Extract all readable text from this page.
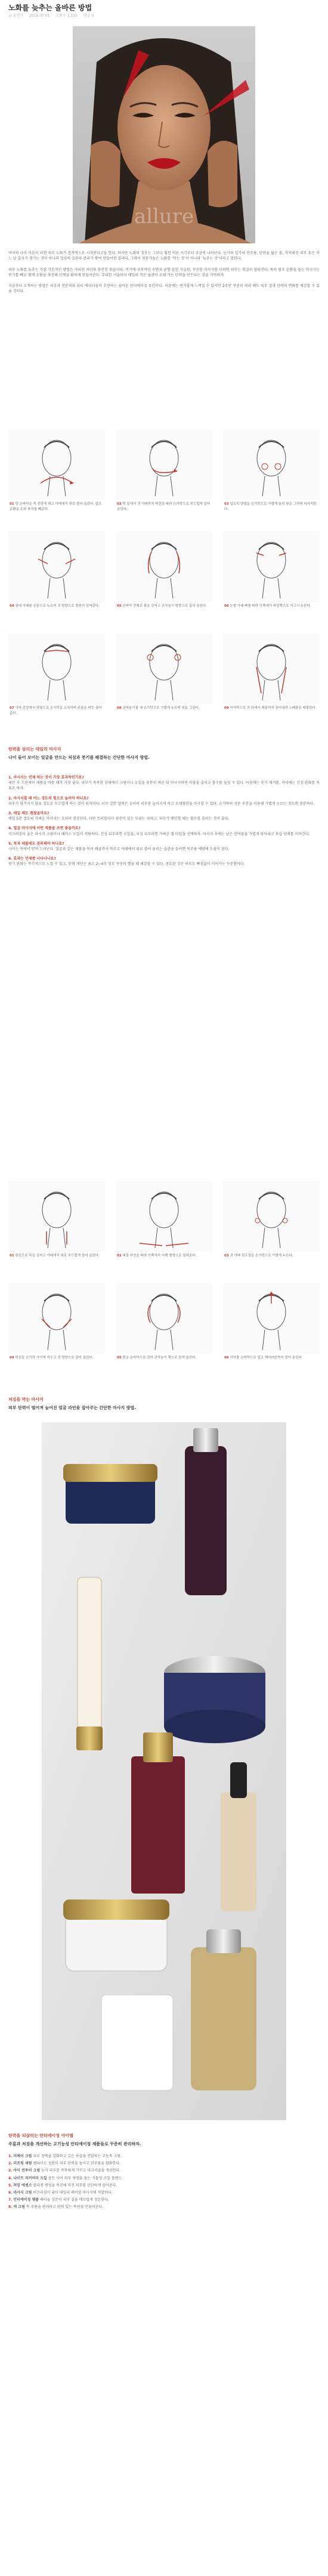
노화를 늦추는 올바른 방법
글 류현기 2016.07.01 조회수 1,102 댓글 0
allure

여자의 나이 마흔이 되면 피부 노화가 본격적으로 시작된다고들 한다. 하지만 노화의 징후는 그보다 훨씬 이른 시기부터 조금씩 나타난다. 눈가와 입가의 잔주름, 탄력을 잃은 볼, 칙칙해진 피부 톤은 어느 날 갑자기 생기는 것이 아니라 일상의 습관과 관리가 쌓여 만들어진 결과다. 그래서 전문가들은 노화를 ‘막는 것’이 아니라 ‘늦추는 것’이라고 말한다.

피부 노화를 늦추는 가장 기본적인 방법은 자외선 차단과 충분한 보습이다. 여기에 규칙적인 수면과 균형 잡힌 식습관, 꾸준한 마사지를 더하면 피부는 확실히 달라진다. 특히 림프 순환을 돕는 마사지는 붓기를 빼고 혈액 순환을 촉진해 안색을 환하게 만들어준다. 무리한 시술보다 매일의 작은 습관이 오래 가는 탄력을 만든다는 것을 기억하자.

지금부터 소개하는 방법은 피부과 전문의와 뷰티 에디터들이 추천하는 올바른 안티에이징 루틴이다. 처음에는 번거롭게 느껴질 수 있지만 2주만 꾸준히 따라 해도 피부 결과 탄력의 변화를 체감할 수 있을 것이다.

01 양 손바닥을 목 중앙에 대고 아래에서 위로 쓸어 올린다. 림프 순환을 도와 붓기를 빼준다.
02 턱 끝에서 귀 아래까지 턱선을 따라 손가락으로 부드럽게 끌어 올린다.
03 입꼬리 양옆을 손가락으로 가볍게 눌러 원을 그리며 마사지한다.
04 광대 아래를 손끝으로 누르며 귀 방향으로 천천히 밀어준다.	05 손바닥 전체로 볼을 감싸고 관자놀이 방향으로 끌어 올린다.	06 눈썹 아래 뼈를 따라 안쪽에서 바깥쪽으로 지그시 누른다.
07 이마 중앙에서 양옆으로 손가락을 교차하며 주름을 펴듯 쓸어준다.
08 관자놀이를 세 손가락으로 가볍게 누르며 원을 그린다.	09 마지막으로 귀 뒤에서 쇄골까지 쓸어내려 노폐물을 배출한다.
탄력을 살리는 데일리 마사지
나이 들어 보이는 얼굴을 만드는 처짐과 붓기를 해결하는 간단한 마사지 방법.
1. 마사지는 언제 하는 것이 가장 효과적인가요?
세안 후 스킨케어 제품을 바를 때가 가장 좋다. 피부가 촉촉한 상태에서 크림이나 오일을 충분히 바른 뒤 마사지하면 마찰을 줄이고 흡수를 높일 수 있다. 아침에는 붓기 제거를, 저녁에는 긴장 완화를 목표로 하자.
2. 마사지할 때 어느 정도의 힘으로 눌러야 하나요?
피부가 당겨지지 않을 정도로 부드럽게 하는 것이 원칙이다. 너무 강한 압력은 오히려 피부를 늘어지게 하고 모세혈관을 자극할 수 있다. 손가락의 지문 부분을 이용해 가볍게 누르는 정도면 충분하다.
3. 매일 해도 괜찮을까요?
매일 5분 정도의 가벼운 마사지는 오히려 권장된다. 다만 트러블이나 염증이 있는 부위는 피하고, 피부가 예민할 때는 횟수를 줄이는 것이 좋다.
4. 얼굴 마사지에 어떤 제품을 쓰면 좋을까요?
미끄러짐이 좋은 마사지 크림이나 페이스 오일이 적당하다. 건성 피부라면 오일을, 지성 피부라면 가벼운 젤 타입을 선택하자. 마사지 후에는 남은 잔여물을 가볍게 닦아내고 보습 단계를 이어간다.
5. 목과 데콜테도 관리해야 하나요?
나이는 목에서 먼저 드러난다. 얼굴과 같은 제품을 목과 쇄골까지 바르고 아래에서 위로 쓸어 올리는 습관을 들이면 목주름 예방에 도움이 된다.
6. 효과는 언제쯤 나타나나요?
붓기 완화는 즉각적으로 느낄 수 있고, 탄력 개선은 최소 2~4주 정도 꾸준히 했을 때 체감할 수 있다. 중요한 것은 하루도 빠짐없이 이어가는 꾸준함이다.
01 양손으로 목을 감싸고 아래에서 위로 부드럽게 쓸어 올린다.	02 쇄골 라인을 따라 안쪽에서 어깨 방향으로 밀어준다.	03 귀 아래 림프절을 손가락으로 가볍게 누른다.
04 턱선을 손가락 사이에 끼우고 귀 방향으로 끌어 올린다.	05 볼을 손바닥으로 감싸 관자놀이 쪽으로 들어 올린다.	06 이마를 손바닥으로 덮고 헤어라인까지 쓸어 올린다.
처짐을 막는 마사지
피부 탄력이 떨어져 늘어진 얼굴 라인을 잡아주는 간단한 마사지 방법.
탄력을 되살리는 안티에이징 아이템
주름과 처짐을 개선하는 고기능성 안티에이징 제품들로 꾸준히 관리하자.
1. 리페어 크림 피부 장벽을 강화하고 깊은 보습을 전달하는 고농축 크림.
2. 리프팅 세럼 펩타이드 성분이 피부 탄력을 높이고 잔주름을 완화한다.
3. 아이 컨투어 크림 눈가 피부를 촉촉하게 가꾸고 다크서클을 개선한다.
4. 나이트 리커버리 오일 잠든 사이 피부 재생을 돕는 식물성 오일 블렌드.
5. 퍼밍 에센스 콜라겐 생성을 촉진해 처진 피부를 탄탄하게 잡아준다.
6. 마사지 크림 미끄러짐이 좋아 데일리 페이셜 마사지에 적합하다.
7. 안티에이징 앰플 레티놀 성분이 피부 결을 매끄럽게 정돈한다.
8. 넥 크림 목 주름을 관리하고 탄력 있는 목선을 만들어준다.
